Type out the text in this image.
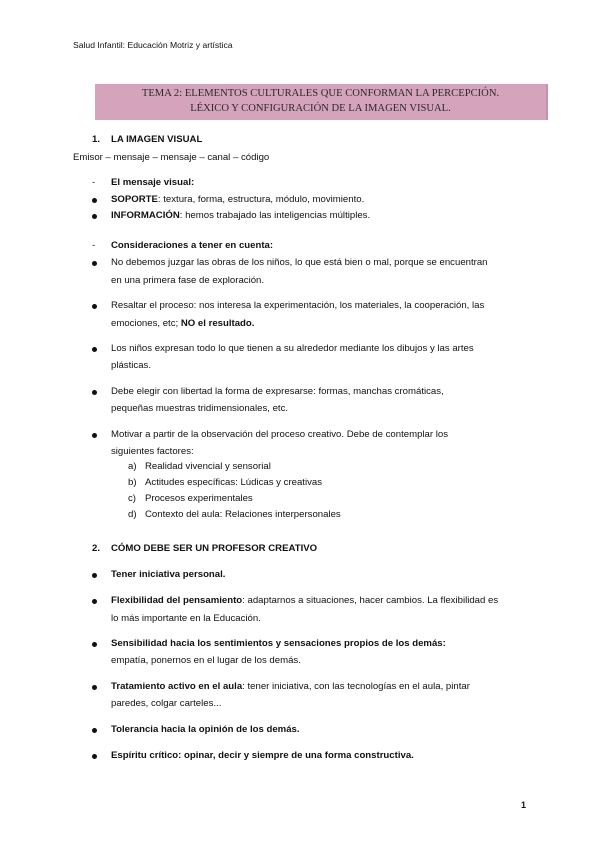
Salud Infantil: Educación Motriz y artística
TEMA 2: ELEMENTOS CULTURALES QUE CONFORMAN LA PERCEPCIÓN.
LÉXICO Y CONFIGURACIÓN DE LA IMAGEN VISUAL.
1. LA IMAGEN VISUAL
Emisor – mensaje – mensaje – canal – código
- El mensaje visual:
SOPORTE: textura, forma, estructura, módulo, movimiento.
INFORMACIÓN: hemos trabajado las inteligencias múltiples.
- Consideraciones a tener en cuenta:
No debemos juzgar las obras de los niños, lo que está bien o mal, porque se encuentran
en una primera fase de exploración.
Resaltar el proceso: nos interesa la experimentación, los materiales, la cooperación, las
emociones, etc; NO el resultado.
Los niños expresan todo lo que tienen a su alrededor mediante los dibujos y las artes
plásticas.
Debe elegir con libertad la forma de expresarse: formas, manchas cromáticas,
pequeñas muestras tridimensionales, etc.
Motivar a partir de la observación del proceso creativo. Debe de contemplar los
siguientes factores:
a) Realidad vivencial y sensorial
b) Actitudes específicas: Lúdicas y creativas
c) Procesos experimentales
d) Contexto del aula: Relaciones interpersonales
2. CÓMO DEBE SER UN PROFESOR CREATIVO
Tener iniciativa personal.
Flexibilidad del pensamiento: adaptarnos a situaciones, hacer cambios. La flexibilidad es
lo más importante en la Educación.
Sensibilidad hacia los sentimientos y sensaciones propios de los demás:
empatía, ponernos en el lugar de los demás.
Tratamiento activo en el aula: tener iniciativa, con las tecnologías en el aula, pintar
paredes, colgar carteles...
Tolerancia hacia la opinión de los demás.
Espíritu crítico: opinar, decir y siempre de una forma constructiva.
1
